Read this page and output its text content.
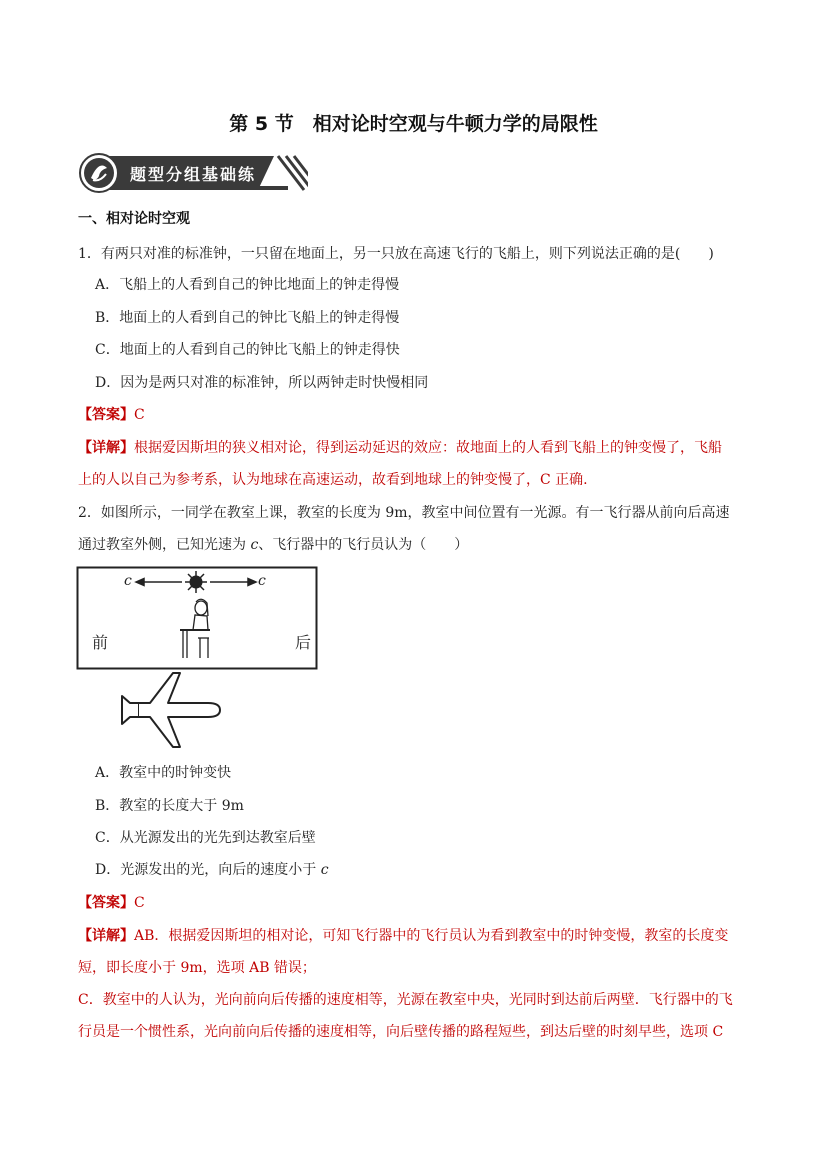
第 5 节　相对论时空观与牛顿力学的局限性
题型分组基础练
一、相对论时空观
1．有两只对准的标准钟，一只留在地面上，另一只放在高速飞行的飞船上，则下列说法正确的是(　　)
A．飞船上的人看到自己的钟比地面上的钟走得慢
B．地面上的人看到自己的钟比飞船上的钟走得慢
C．地面上的人看到自己的钟比飞船上的钟走得快
D．因为是两只对准的标准钟，所以两钟走时快慢相同
【答案】C
【详解】根据爱因斯坦的狭义相对论，得到运动延迟的效应：故地面上的人看到飞船上的钟变慢了，飞船
上的人以自己为参考系，认为地球在高速运动，故看到地球上的钟变慢了，C 正确.
2．如图所示，一同学在教室上课，教室的长度为 9m，教室中间位置有一光源。有一飞行器从前向后高速
通过教室外侧，已知光速为 c、飞行器中的飞行员认为（　　）
c	c
前	后
A．教室中的时钟变快
B．教室的长度大于 9m
C．从光源发出的光先到达教室后壁
D．光源发出的光，向后的速度小于 c
【答案】C
【详解】AB．根据爱因斯坦的相对论，可知飞行器中的飞行员认为看到教室中的时钟变慢，教室的长度变
短，即长度小于 9m，选项 AB 错误；
C．教室中的人认为，光向前向后传播的速度相等，光源在教室中央，光同时到达前后两壁．飞行器中的飞
行员是一个惯性系，光向前向后传播的速度相等，向后壁传播的路程短些，到达后壁的时刻早些，选项 C
